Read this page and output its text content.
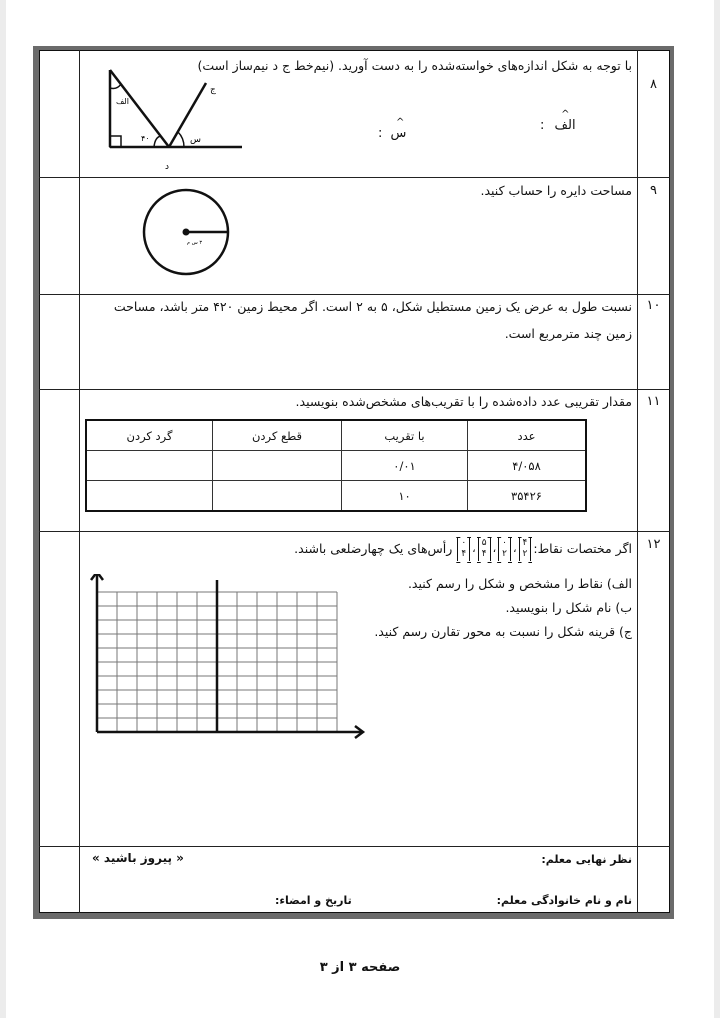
۸
با توجه به شکل اندازه‌های خواسته‌شده را به دست آورید. (نیم‌خط ج د نیم‌ساز است)
الف
۴۰	س
ج
د
^
الف :
^
س :
۹
مساحت دایره را حساب کنید.
۳ س م
۱۰
نسبت طول به عرض یک زمین مستطیل شکل، ۵ به ۲ است. اگر محیط زمین ۴۲۰ متر باشد، مساحت زمین چند مترمربع است.
۱۱
مقدار تقریبی عدد داده‌شده را با تقریب‌های مشخص‌شده بنویسید.
عدد	با تقریب	قطع کردن	گرد کردن
۴/۰۵۸	۰/۰۱		
۳۵۴۲۶	۱۰		
۱۲
اگر مختصات نقاط:
۴
۲
،
۰
۲
،
۵
۴
،
۰
۴
رأس‌های یک چهارضلعی باشند.
الف) نقاط را مشخص و شکل را رسم کنید.
ب) نام شکل را بنویسید.
ج) قرینه شکل را نسبت به محور تقارن رسم کنید.
نظر نهایی معلم:
« پیروز باشید »
نام و نام خانوادگی معلم:
تاریخ و امضاء:
صفحه ۳ از ۳
